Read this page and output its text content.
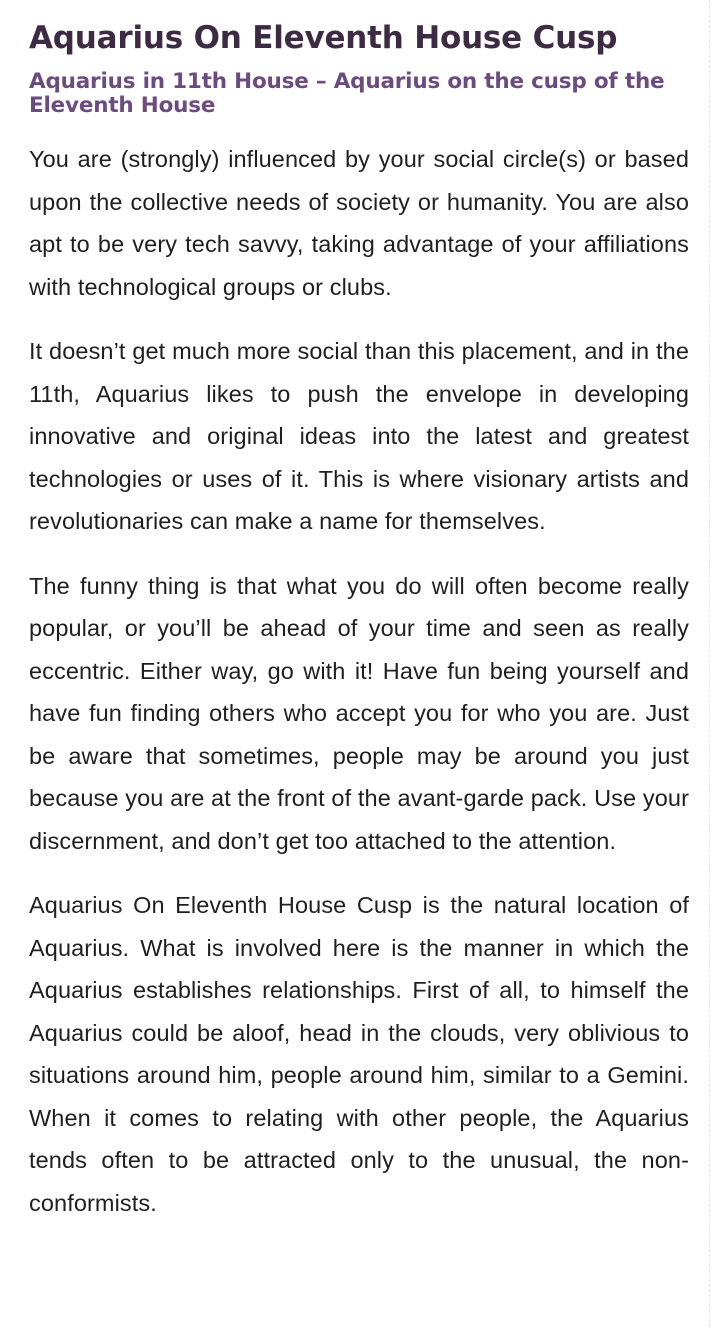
Aquarius On Eleventh House Cusp
Aquarius in 11th House – Aquarius on the cusp of the Eleventh House

You are (strongly) influenced by your social circle(s) or based upon the collective needs of society or humanity. You are also apt to be very tech savvy, taking advantage of your affiliations with technological groups or clubs.

It doesn’t get much more social than this placement, and in the 11th, Aquarius likes to push the envelope in developing innovative and original ideas into the latest and greatest technologies or uses of it. This is where visionary artists and revolutionaries can make a name for themselves.

The funny thing is that what you do will often become really popular, or you’ll be ahead of your time and seen as really eccentric. Either way, go with it! Have fun being yourself and have fun finding others who accept you for who you are. Just be aware that sometimes, people may be around you just because you are at the front of the avant-garde pack. Use your discernment, and don’t get too attached to the attention.

Aquarius On Eleventh House Cusp is the natural location of Aquarius. What is involved here is the manner in which the Aquarius establishes relationships. First of all, to himself the Aquarius could be aloof, head in the clouds, very oblivious to situations around him, people around him, similar to a Gemini. When it comes to relating with other people, the Aquarius tends often to be attracted only to the unusual, the non-conformists.
